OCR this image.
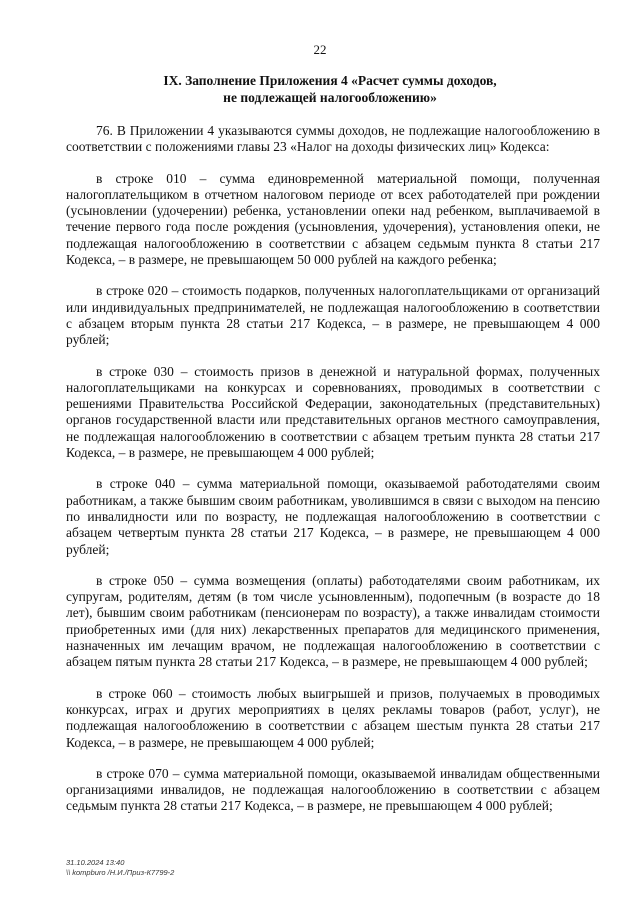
22
IX. Заполнение Приложения 4 «Расчет суммы доходов,
не подлежащей налогообложению»

76. В Приложении 4 указываются суммы доходов, не подлежащие налогообложению в соответствии с положениями главы 23 «Налог на доходы физических лиц» Кодекса:

в строке 010 – сумма единовременной материальной помощи, полученная налогоплательщиком в отчетном налоговом периоде от всех работодателей при рождении (усыновлении (удочерении) ребенка, установлении опеки над ребенком, выплачиваемой в течение первого года после рождения (усыновления, удочерения), установления опеки, не подлежащая налогообложению в соответствии с абзацем седьмым пункта 8 статьи 217 Кодекса, – в размере, не превышающем 50 000 рублей на каждого ребенка;

в строке 020 – стоимость подарков, полученных налогоплательщиками от организаций или индивидуальных предпринимателей, не подлежащая налогообложению в соответствии с абзацем вторым пункта 28 статьи 217 Кодекса, – в размере, не превышающем 4 000 рублей;

в строке 030 – стоимость призов в денежной и натуральной формах, полученных налогоплательщиками на конкурсах и соревнованиях, проводимых в соответствии с решениями Правительства Российской Федерации, законодательных (представительных) органов государственной власти или представительных органов местного самоуправления, не подлежащая налогообложению в соответствии с абзацем третьим пункта 28 статьи 217 Кодекса, – в размере, не превышающем 4 000 рублей;

в строке 040 – сумма материальной помощи, оказываемой работодателями своим работникам, а также бывшим своим работникам, уволившимся в связи с выходом на пенсию по инвалидности или по возрасту, не подлежащая налогообложению в соответствии с абзацем четвертым пункта 28 статьи 217 Кодекса, – в размере, не превышающем 4 000 рублей;

в строке 050 – сумма возмещения (оплаты) работодателями своим работникам, их супругам, родителям, детям (в том числе усыновленным), подопечным (в возрасте до 18 лет), бывшим своим работникам (пенсионерам по возрасту), а также инвалидам стоимости приобретенных ими (для них) лекарственных препаратов для медицинского применения, назначенных им лечащим врачом, не подлежащая налогообложению в соответствии с абзацем пятым пункта 28 статьи 217 Кодекса, – в размере, не превышающем 4 000 рублей;

в строке 060 – стоимость любых выигрышей и призов, получаемых в проводимых конкурсах, играх и других мероприятиях в целях рекламы товаров (работ, услуг), не подлежащая налогообложению в соответствии с абзацем шестым пункта 28 статьи 217 Кодекса, – в размере, не превышающем 4 000 рублей;

в строке 070 – сумма материальной помощи, оказываемой инвалидам общественными организациями инвалидов, не подлежащая налогообложению в соответствии с абзацем седьмым пункта 28 статьи 217 Кодекса, – в размере, не превышающем 4 000 рублей;

31.10.2024 13:40
\\ kompburo /Н.И./Приз-К7799-2
